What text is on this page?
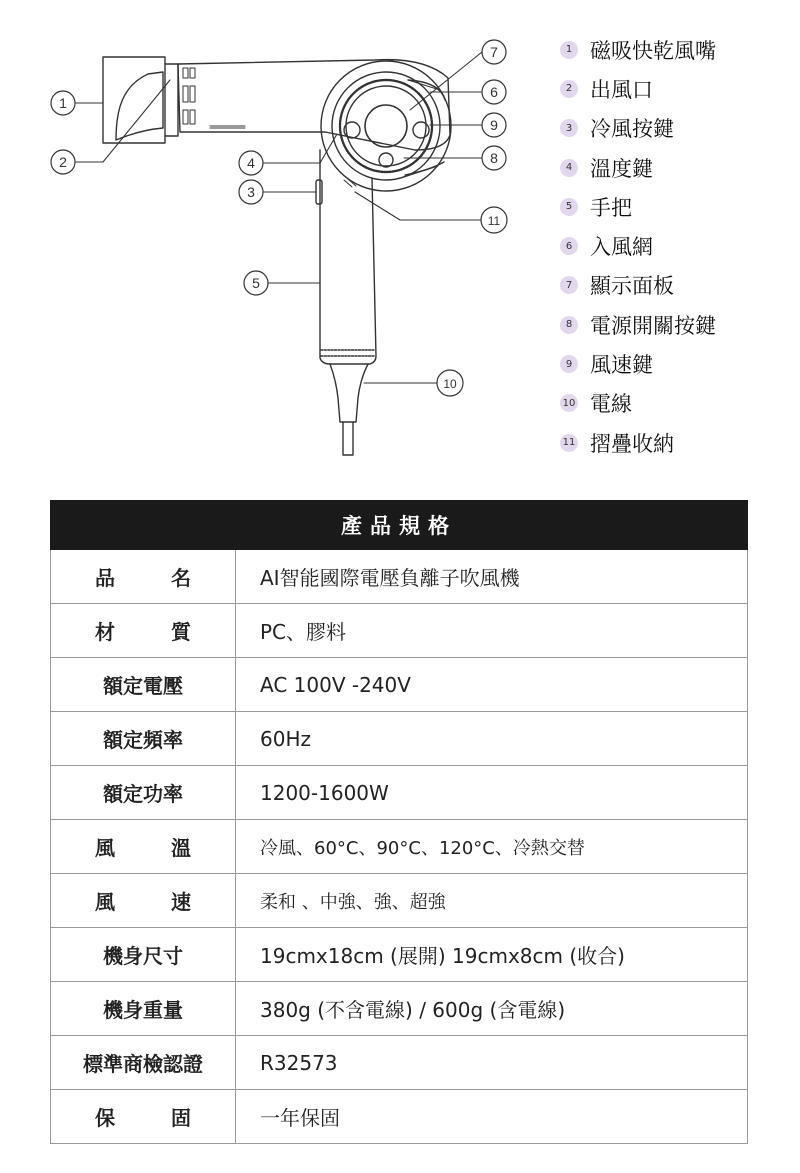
1
2
3
4
5
6
7
8
9
10
11
1 磁吸快乾風嘴
2 出風口
3 冷風按鍵
4 溫度鍵
5 手把
6 入風網
7 顯示面板
8 電源開關按鍵
9 風速鍵
10 電線
11 摺疊收納
產品規格	
品名	AI智能國際電壓負離子吹風機
材質	PC、膠料
額定電壓	AC 100V -240V
額定頻率	60Hz
額定功率	1200-1600W
風溫	冷風、60°C、90°C、120°C、冷熱交替
風速	柔和 、中強、強、超強
機身尺寸	19cmx18cm (展開) 19cmx8cm (收合)
機身重量	380g (不含電線) / 600g (含電線)
標準商檢認證	R32573
保固	一年保固
